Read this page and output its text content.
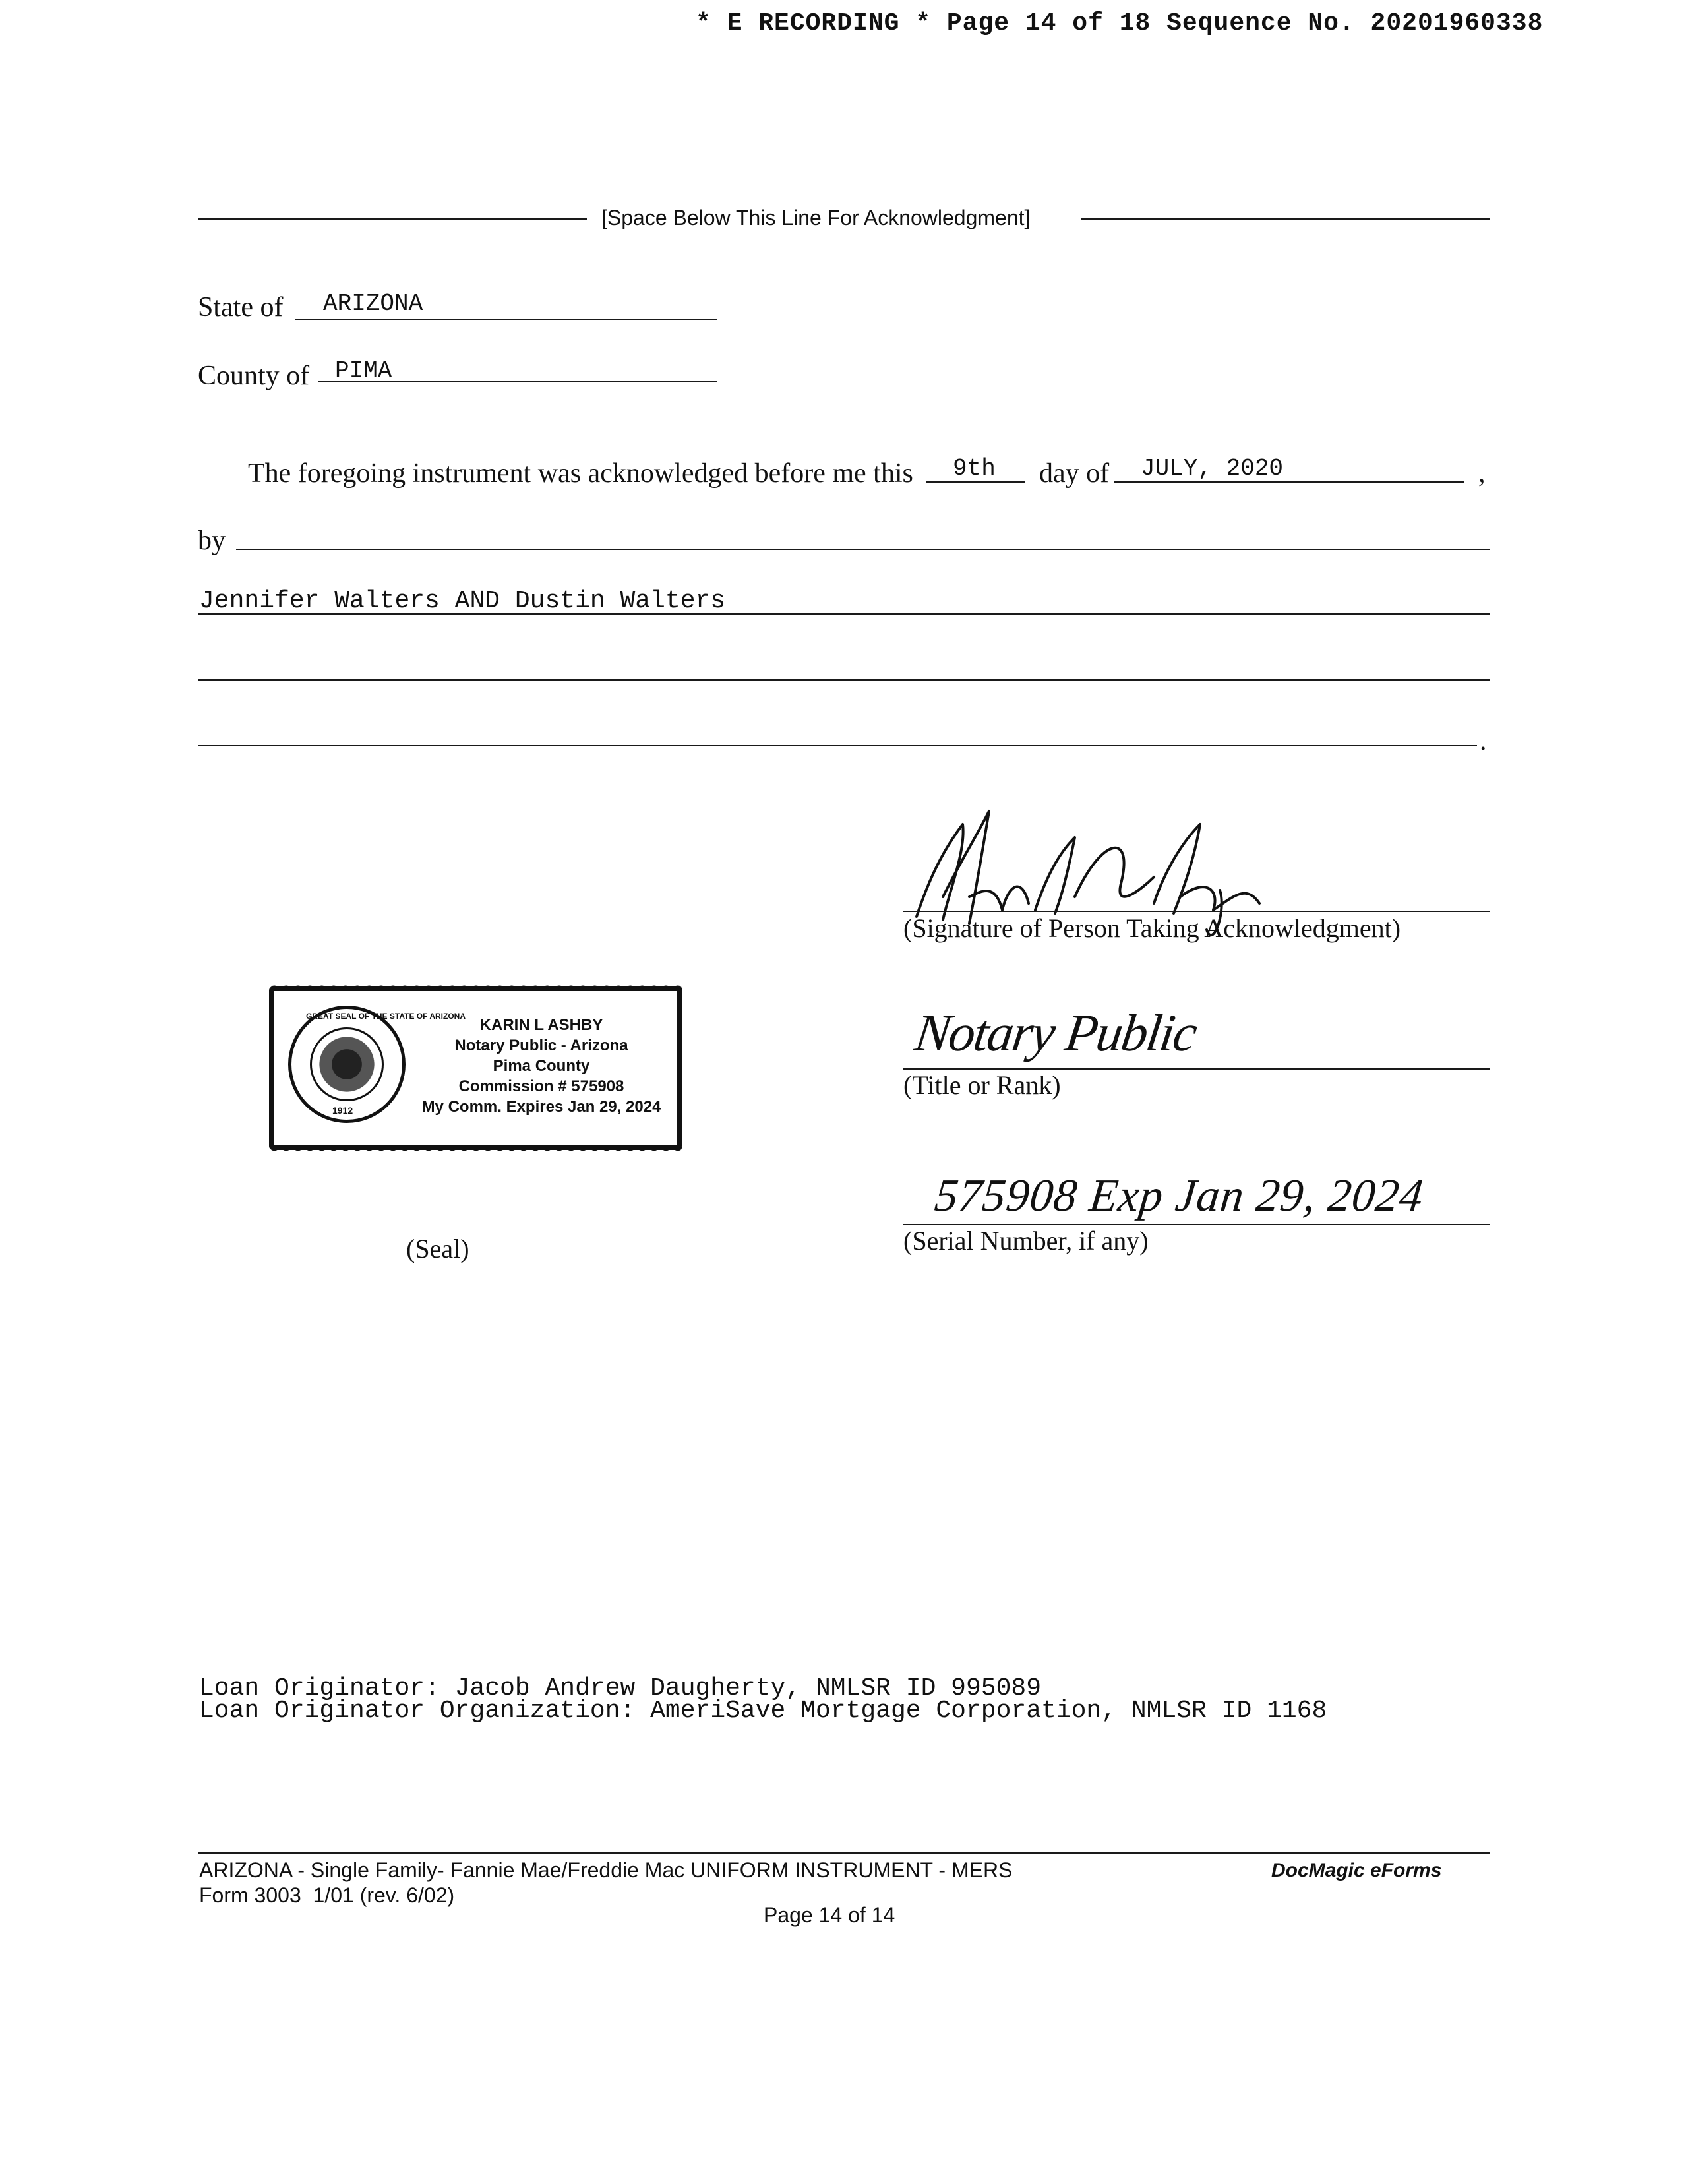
* E RECORDING * Page 14 of 18 Sequence No. 20201960338
[Space Below This Line For Acknowledgment]
State of ARIZONA
County of PIMA
The foregoing instrument was acknowledged before me this 9th day of JULY, 2020	,
by
Jennifer Walters AND Dustin Walters
.
(Signature of Person Taking Acknowledgment)
GREAT SEAL OF THE STATE OF ARIZONA
1912
KARIN L ASHBY
Notary Public - Arizona
Pima County
Commission # 575908
My Comm. Expires Jan 29, 2024
Notary Public
(Title or Rank)
575908 Exp Jan 29, 2024
(Serial Number, if any)
(Seal)
Loan Originator: Jacob Andrew Daugherty, NMLSR ID 995089
Loan Originator Organization: AmeriSave Mortgage Corporation, NMLSR ID 1168
ARIZONA - Single Family- Fannie Mae/Freddie Mac UNIFORM INSTRUMENT - MERS
Form 3003  1/01 (rev. 6/02)
DocMagic eForms
Page 14 of 14
